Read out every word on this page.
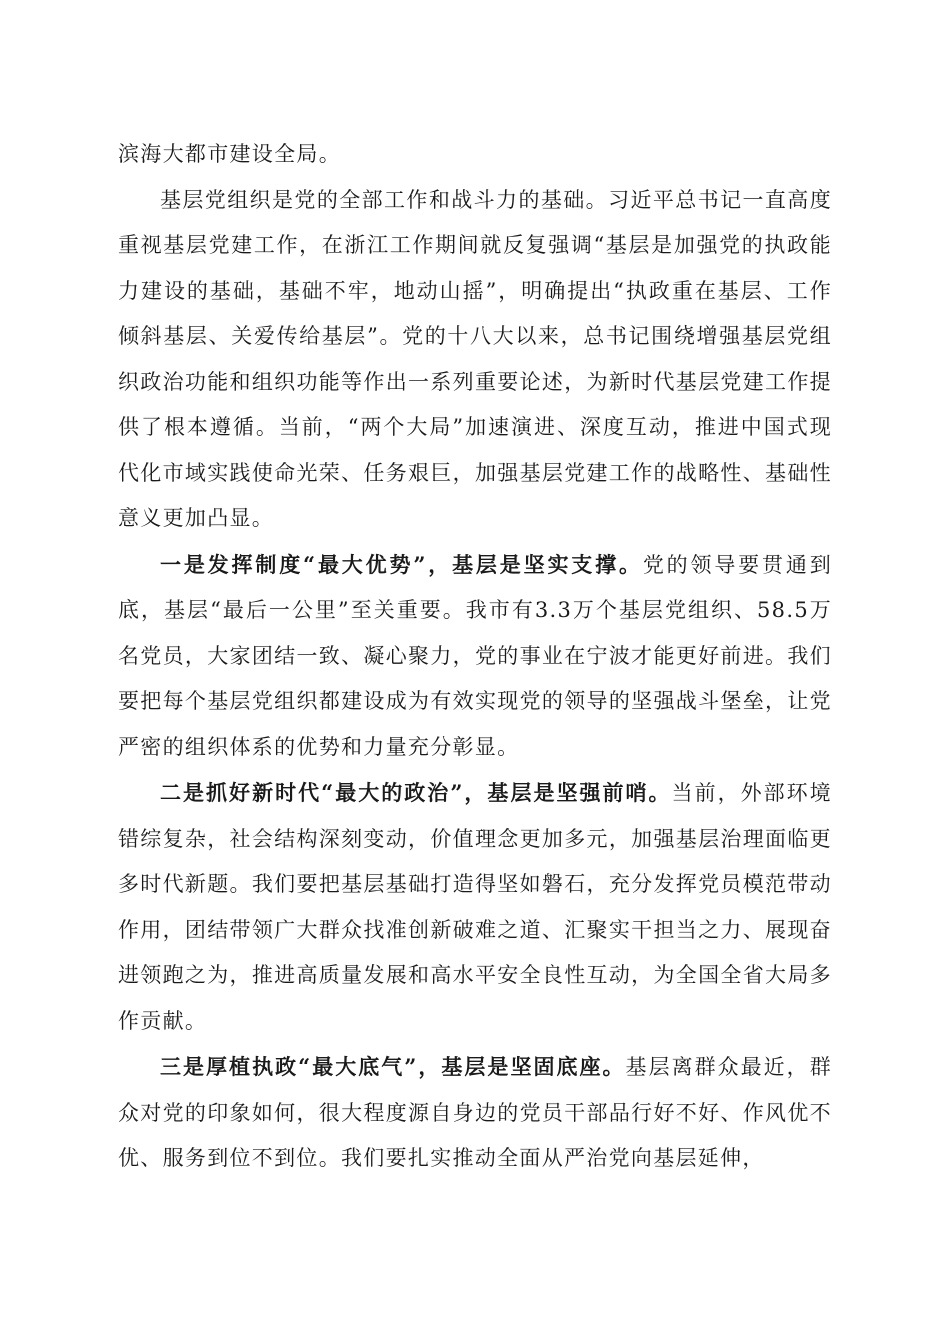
滨海大都市建设全局。

基层党组织是党的全部工作和战斗力的基础。习近平总书记一直高度重视基层党建工作，在浙江工作期间就反复强调“基层是加强党的执政能力建设的基础，基础不牢，地动山摇”，明确提出“执政重在基层、工作倾斜基层、关爱传给基层”。党的十八大以来，总书记围绕增强基层党组织政治功能和组织功能等作出一系列重要论述，为新时代基层党建工作提供了根本遵循。当前，“两个大局”加速演进、深度互动，推进中国式现代化市域实践使命光荣、任务艰巨，加强基层党建工作的战略性、基础性意义更加凸显。

一是发挥制度“最大优势”，基层是坚实支撑。党的领导要贯通到底，基层“最后一公里”至关重要。我市有3.3万个基层党组织、58.5万名党员，大家团结一致、凝心聚力，党的事业在宁波才能更好前进。我们要把每个基层党组织都建设成为有效实现党的领导的坚强战斗堡垒，让党严密的组织体系的优势和力量充分彰显。

二是抓好新时代“最大的政治”，基层是坚强前哨。当前，外部环境错综复杂，社会结构深刻变动，价值理念更加多元，加强基层治理面临更多时代新题。我们要把基层基础打造得坚如磐石，充分发挥党员模范带动作用，团结带领广大群众找准创新破难之道、汇聚实干担当之力、展现奋进领跑之为，推进高质量发展和高水平安全良性互动，为全国全省大局多作贡献。

三是厚植执政“最大底气”，基层是坚固底座。基层离群众最近，群众对党的印象如何，很大程度源自身边的党员干部品行好不好、作风优不优、服务到位不到位。我们要扎实推动全面从严治党向基层延伸，
